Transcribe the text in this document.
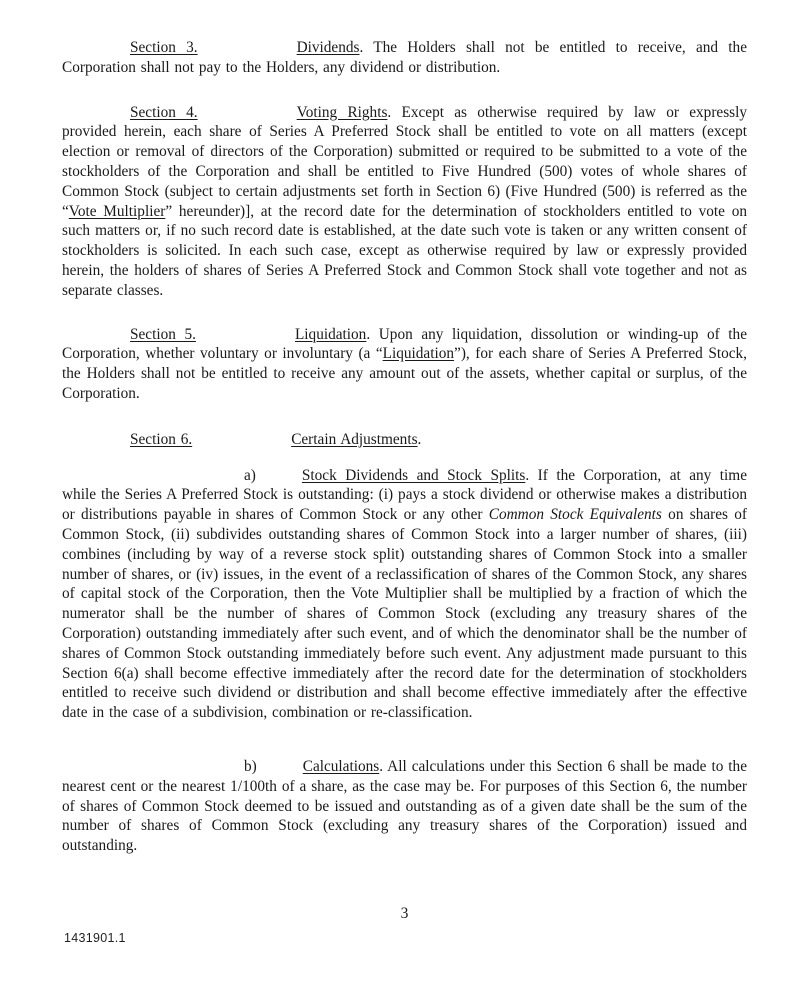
Section 3.	Dividends. The Holders shall not be entitled to receive, and the Corporation shall not pay to the Holders, any dividend or distribution.

Section 4.	Voting Rights. Except as otherwise required by law or expressly provided herein, each share of Series A Preferred Stock shall be entitled to vote on all matters (except election or removal of directors of the Corporation) submitted or required to be submitted to a vote of the stockholders of the Corporation and shall be entitled to Five Hundred (500) votes of whole shares of Common Stock (subject to certain adjustments set forth in Section 6) (Five Hundred (500) is referred as the “Vote Multiplier” hereunder)], at the record date for the determination of stockholders entitled to vote on such matters or, if no such record date is established, at the date such vote is taken or any written consent of stockholders is solicited. In each such case, except as otherwise required by law or expressly provided herein, the holders of shares of Series A Preferred Stock and Common Stock shall vote together and not as separate classes.

Section 5.	Liquidation. Upon any liquidation, dissolution or winding-up of the Corporation, whether voluntary or involuntary (a “Liquidation”), for each share of Series A Preferred Stock, the Holders shall not be entitled to receive any amount out of the assets, whether capital or surplus, of the Corporation.

Section 6.	Certain Adjustments.

a)	Stock Dividends and Stock Splits. If the Corporation, at any time while the Series A Preferred Stock is outstanding: (i) pays a stock dividend or otherwise makes a distribution or distributions payable in shares of Common Stock or any other Common Stock Equivalents on shares of Common Stock, (ii) subdivides outstanding shares of Common Stock into a larger number of shares, (iii) combines (including by way of a reverse stock split) outstanding shares of Common Stock into a smaller number of shares, or (iv) issues, in the event of a reclassification of shares of the Common Stock, any shares of capital stock of the Corporation, then the Vote Multiplier shall be multiplied by a fraction of which the numerator shall be the number of shares of Common Stock (excluding any treasury shares of the Corporation) outstanding immediately after such event, and of which the denominator shall be the number of shares of Common Stock outstanding immediately before such event. Any adjustment made pursuant to this Section 6(a) shall become effective immediately after the record date for the determination of stockholders entitled to receive such dividend or distribution and shall become effective immediately after the effective date in the case of a subdivision, combination or re-classification.

b)	Calculations. All calculations under this Section 6 shall be made to the nearest cent or the nearest 1/100th of a share, as the case may be. For purposes of this Section 6, the number of shares of Common Stock deemed to be issued and outstanding as of a given date shall be the sum of the number of shares of Common Stock (excluding any treasury shares of the Corporation) issued and outstanding.

3
1431901.1
